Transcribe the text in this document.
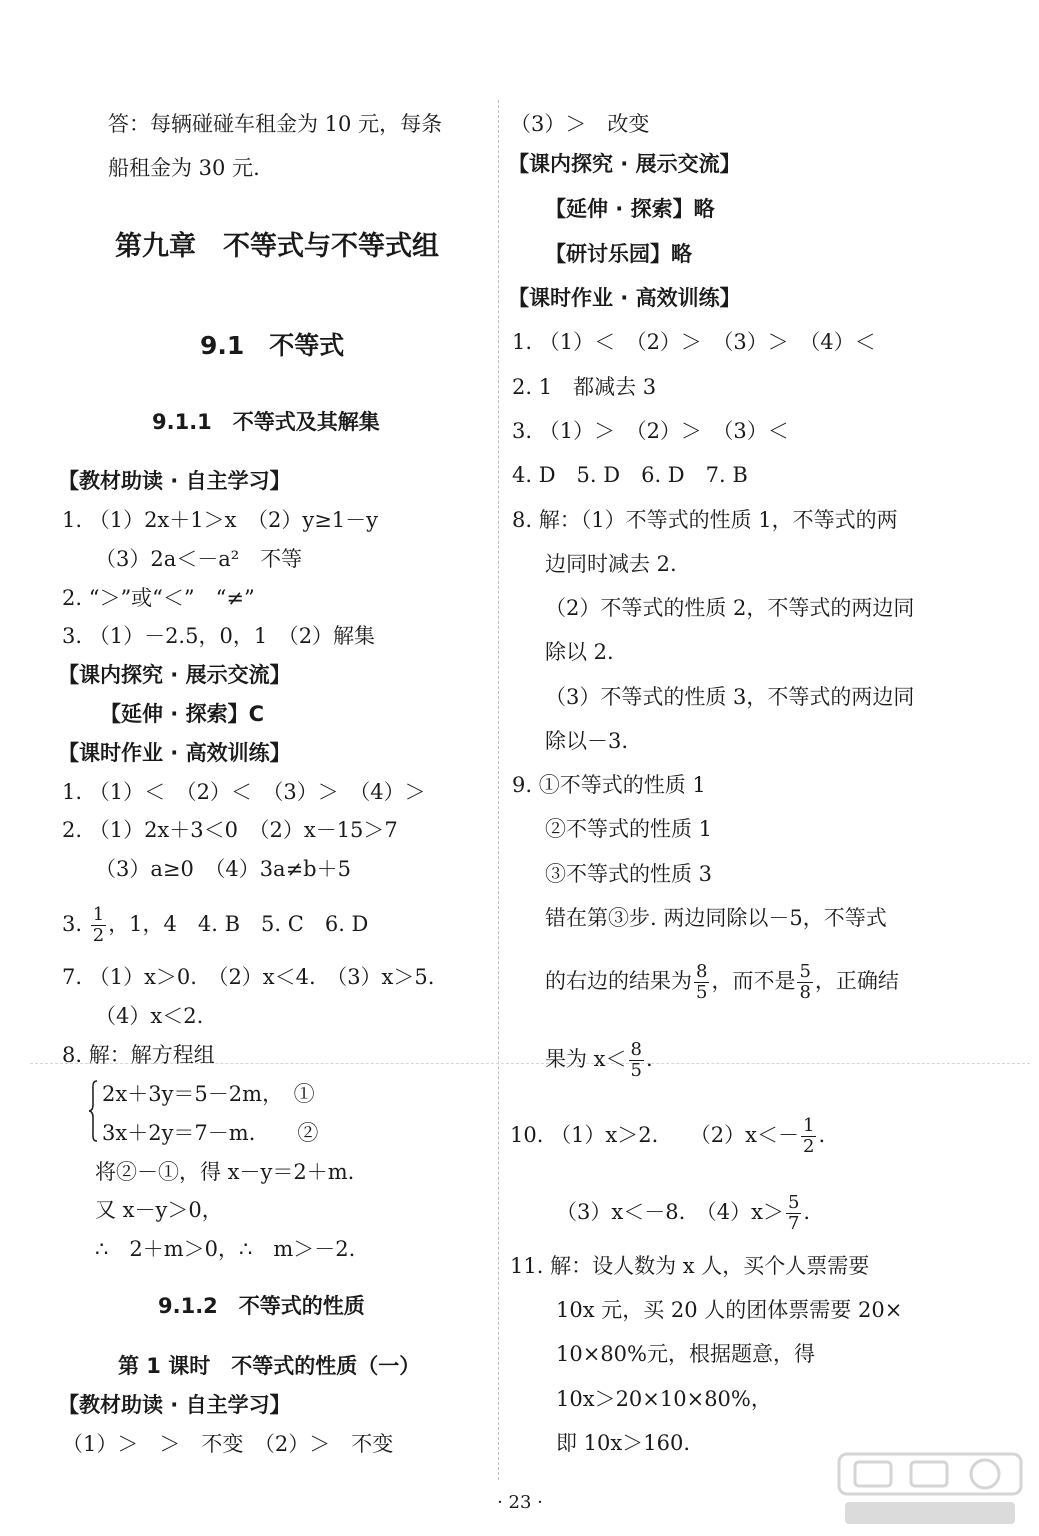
答：每辆碰碰车租金为 10 元，每条
船租金为 30 元.
第九章　不等式与不等式组
9.1　不等式
9.1.1　不等式及其解集
【教材助读 · 自主学习】
1. （1）2x＋1＞x　（2）y≥1－y
（3）2a＜－a²　不等
2. “＞”或“＜”　“≠”
3. （1）－2.5，0，1　（2）解集
【课内探究 · 展示交流】
【延伸 · 探索】C
【课时作业 · 高效训练】
1. （1）＜　（2）＜　（3）＞　（4）＞
2. （1）2x＋3＜0　（2）x－15＞7
（3）a≥0　（4）3a≠b＋5
3. $\frac{1}{2}$ ，1，4　4. B　5. C　6. D
7. （1）x＞0.　（2）x＜4.　（3）x＞5.
（4）x＜2.
8. 解：解方程组
2x＋3y＝5－2m，　①
3x＋2y＝7－m.　　②
将②－①，得 x－y＝2＋m.
又 x－y＞0，
∴　2＋m＞0，∴　m＞－2.
9.1.2　不等式的性质
第 1 课时　不等式的性质（一）
【教材助读 · 自主学习】
（1）＞　＞　不变　（2）＞　不变
（3）＞　改变
【课内探究 · 展示交流】
【延伸 · 探索】略
【研讨乐园】略
【课时作业 · 高效训练】
1. （1）＜　（2）＞　（3）＞　（4）＜
2. 1　都减去 3
3. （1）＞　（2）＞　（3）＜
4. D　5. D　6. D　7. B
8. 解：（1）不等式的性质 1，不等式的两
边同时减去 2.
（2）不等式的性质 2，不等式的两边同
除以 2.
（3）不等式的性质 3，不等式的两边同
除以－3.
9. ①不等式的性质 1
②不等式的性质 1
③不等式的性质 3
错在第③步. 两边同除以－5，不等式
的右边的结果为 $\frac{8}{5}$ ，而不是 $\frac{5}{8}$ ，正确结
果为 $x< \frac{8}{5}$ .
10. （1）x＞2.　　$(2)x<- \frac{1}{2}$ .
（3）x＜－8.　$(4)x> \frac{5}{7}$ .
11. 解：设人数为 x 人，买个人票需要
10x 元，买 20 人的团体票需要 20×
10×80%元，根据题意，得
10x＞20×10×80%，
即 10x＞160.
· 23 ·
